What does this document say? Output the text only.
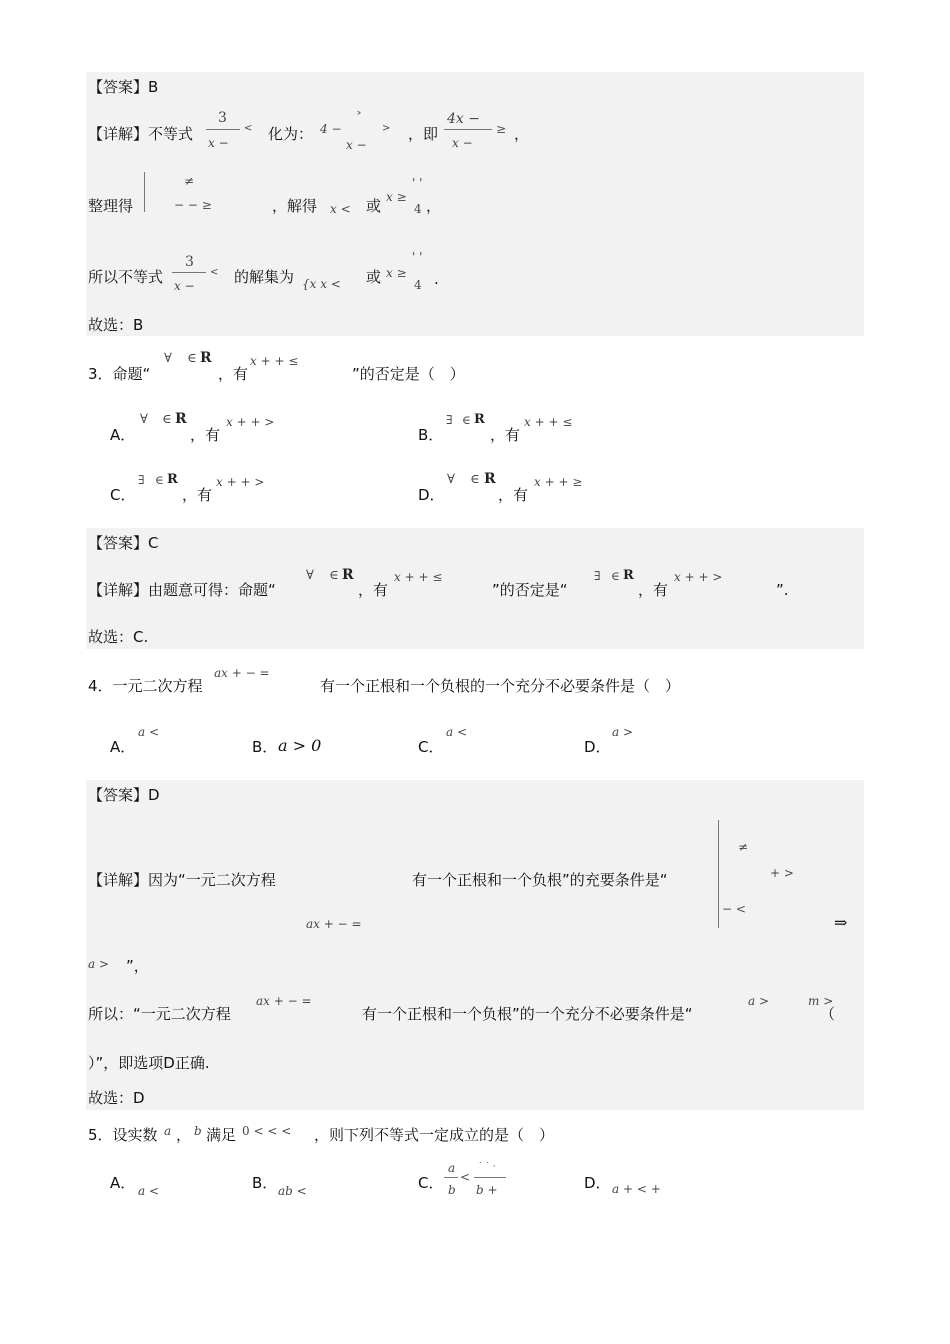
【答案】B
【详解】不等式
3
x −
< 化为： 4 −
˃
x −
> ，即
4x −
x −
≥ ，
整理得
≠
− − ≥	，解得 x < 或 x ≥
' '
4 ，
所以不等式
3
x −
< 的解集为 {x x < 或 x ≥
' '
4 .
故选：B
3．命题“
∀ ∈ R
，有
x + + ≤
”的否定是（　）
A．
∀ ∈ R
，有
x + + >
B．
∃ ∈ R
，有
x + + ≤
C．
∃ ∈ R
，有
x + + >
D．
∀ ∈ R
，有
x + + ≥
【答案】C
【详解】由题意可得：命题“
∀ ∈ R
，有
x + + ≤
”的否定是“
∃ ∈ R
，有
x + + >
”.
故选：C.
4．一元二次方程
ax + − =
有一个正根和一个负根的一个充分不必要条件是（　）
A．
a <
B． a > 0	C．
a <
D．
a >
【答案】D
【详解】因为“一元二次方程
ax + − =
有一个正根和一个负根”的充要条件是“
≠
+ >
− <
⇒
a > ”，
所以：“一元二次方程
ax + − =
有一个正根和一个负根”的一个充分不必要条件是“
a >
（
m >
）”，即选项D正确.
故选：D
5．设实数 a ， b 满足 0 < < < ，则下列不等式一定成立的是（　）
A． a <	B． ab <	C．
a
b
<
˙ ˙ ·
b +	D． a + < +
